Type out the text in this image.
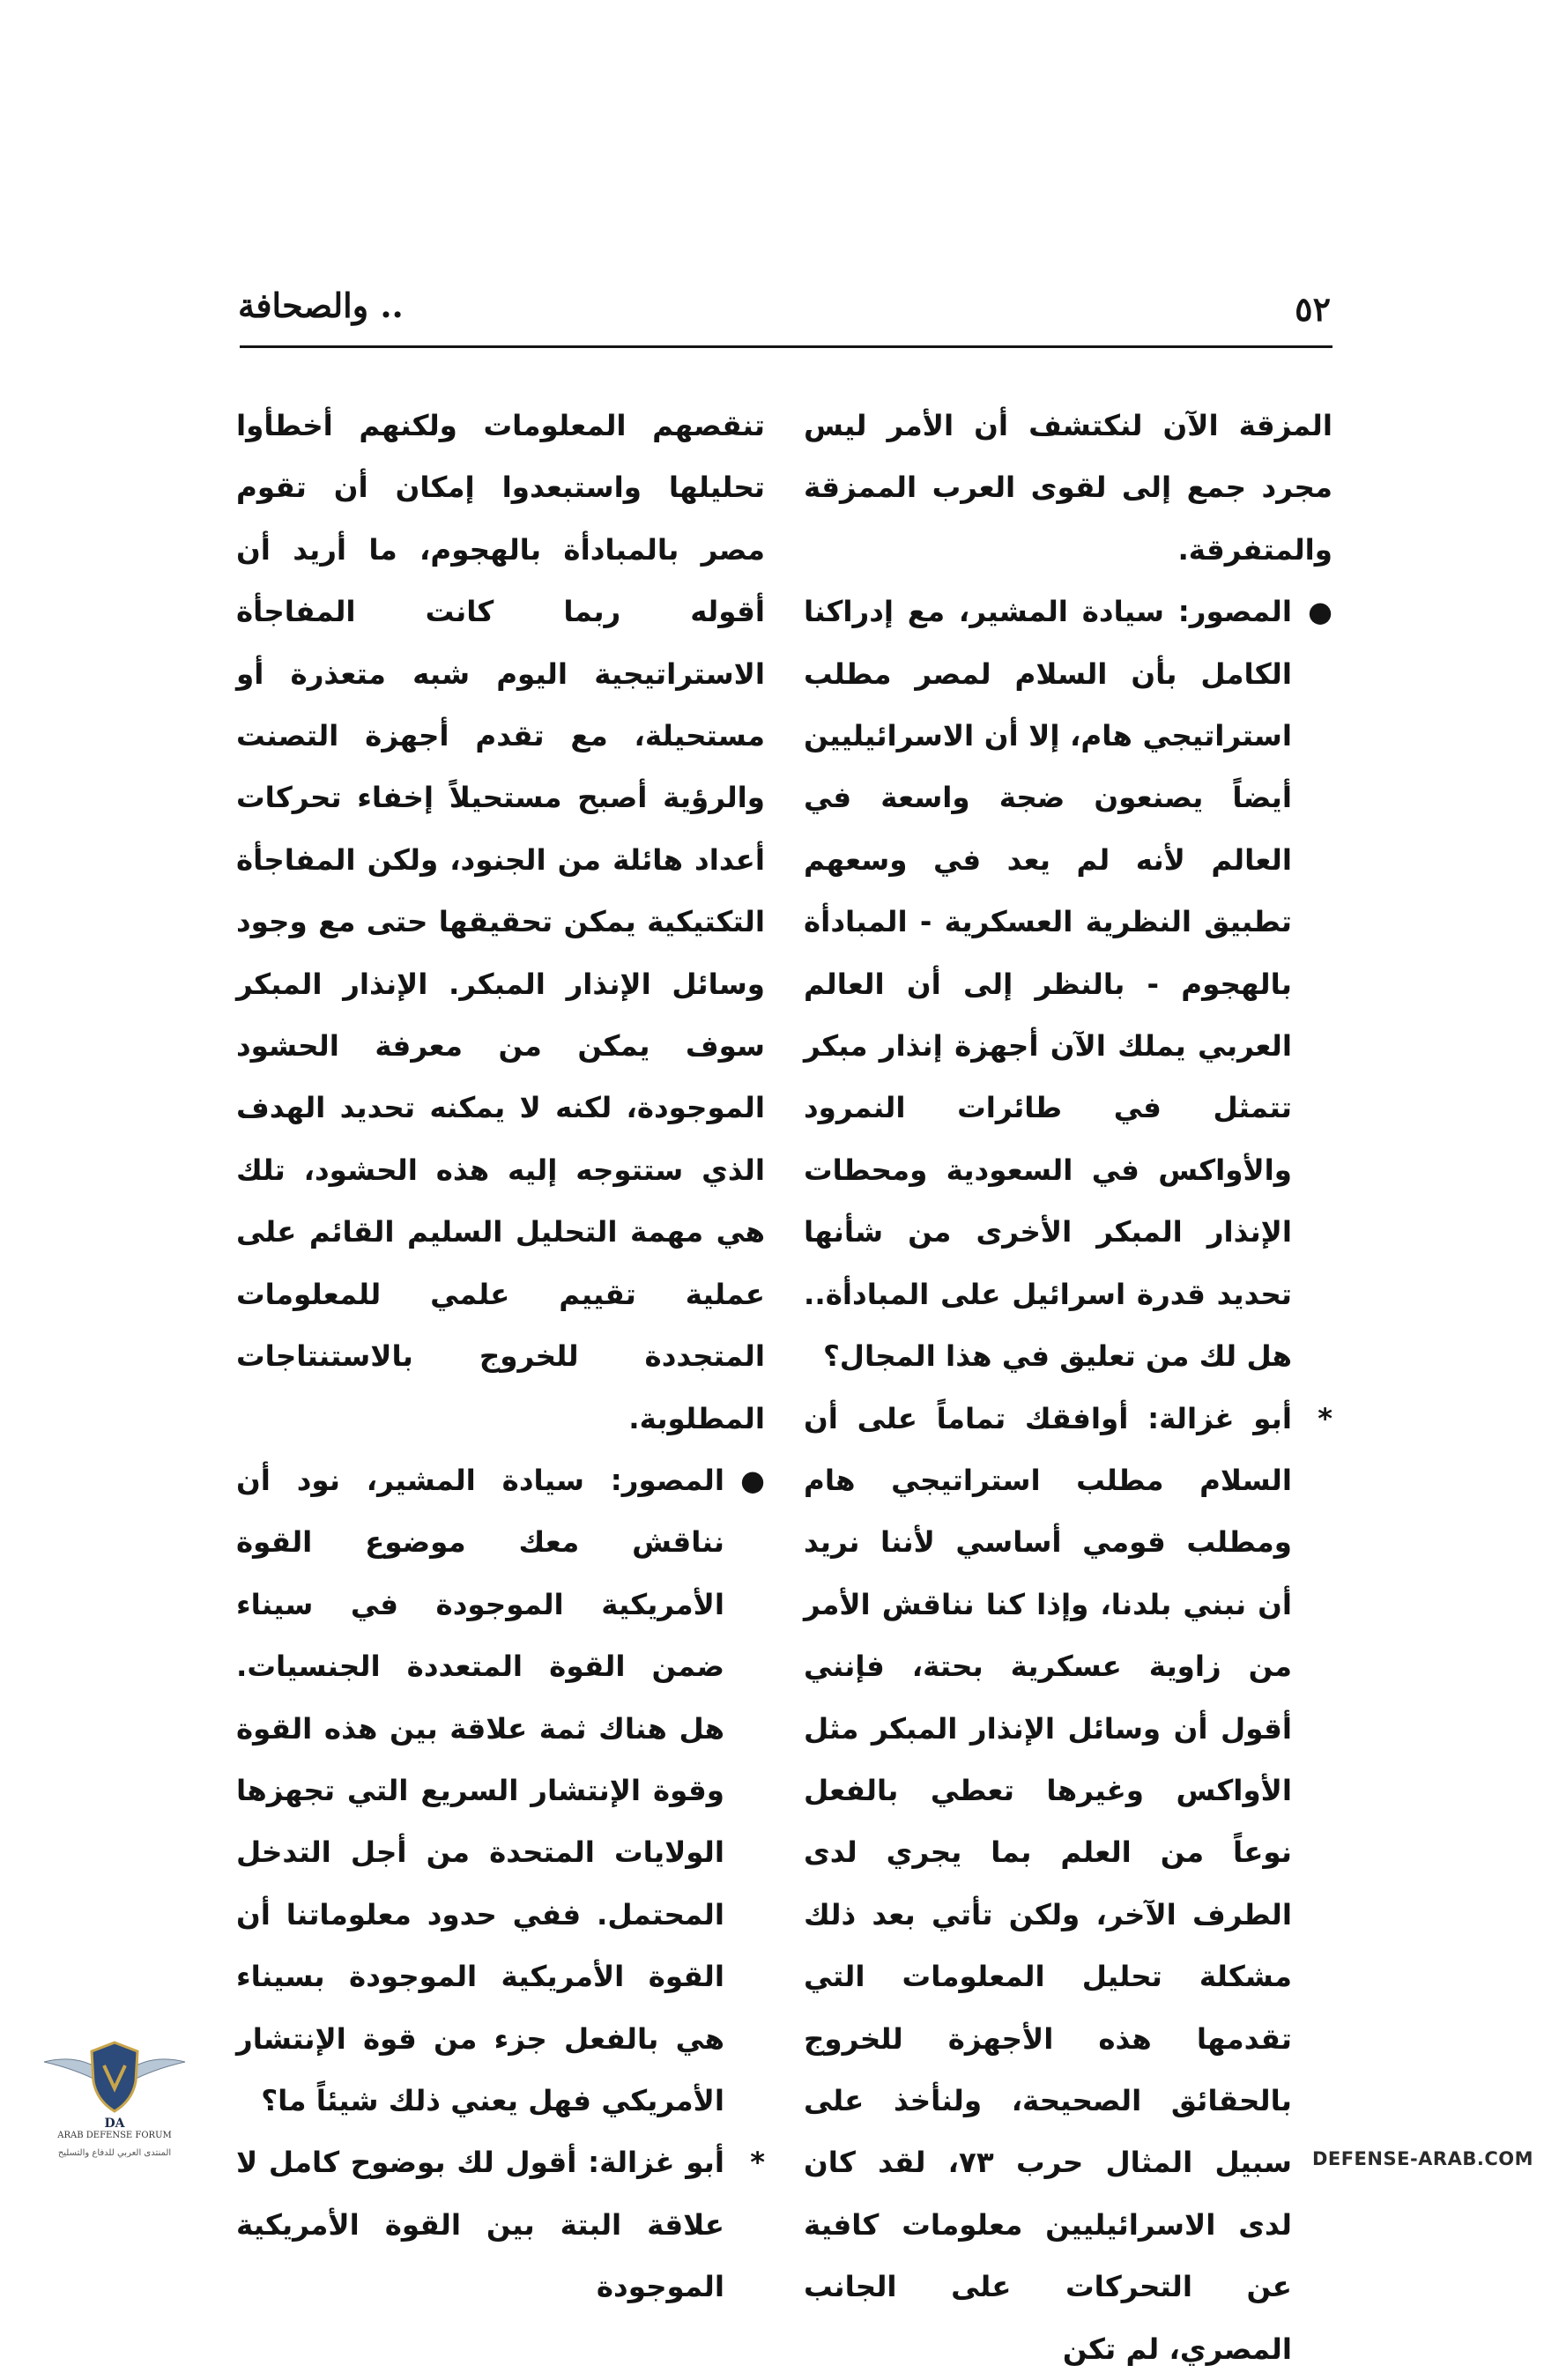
٥٢
.. والصحافة

المزقة الآن لنكتشف أن الأمر ليس مجرد جمع إلى لقوى العرب الممزقة والمتفرقة.

●
المصور: سيادة المشير، مع إدراكنا الكامل بأن السلام لمصر مطلب استراتيجي هام، إلا أن الاسرائيليين أيضاً يصنعون ضجة واسعة في العالم لأنه لم يعد في وسعهم تطبيق النظرية العسكرية - المبادأة بالهجوم - بالنظر إلى أن العالم العربي يملك الآن أجهزة إنذار مبكر تتمثل في طائرات النمرود والأواكس في السعودية ومحطات الإنذار المبكر الأخرى من شأنها تحديد قدرة اسرائيل على المبادأة.. هل لك من تعليق في هذا المجال؟

*
أبو غزالة: أوافقك تماماً على أن السلام مطلب استراتيجي هام ومطلب قومي أساسي لأننا نريد أن نبني بلدنا، وإذا كنا نناقش الأمر من زاوية عسكرية بحتة، فإنني أقول أن وسائل الإنذار المبكر مثل الأواكس وغيرها تعطي بالفعل نوعاً من العلم بما يجري لدى الطرف الآخر، ولكن تأتي بعد ذلك مشكلة تحليل المعلومات التي تقدمها هذه الأجهزة للخروج بالحقائق الصحيحة، ولنأخذ على سبيل المثال حرب ٧٣، لقد كان لدى الاسرائيليين معلومات كافية عن التحركات على الجانب المصري، لم تكن

تنقصهم المعلومات ولكنهم أخطأوا تحليلها واستبعدوا إمكان أن تقوم مصر بالمبادأة بالهجوم، ما أريد أن أقوله ربما كانت المفاجأة الاستراتيجية اليوم شبه متعذرة أو مستحيلة، مع تقدم أجهزة التصنت والرؤية أصبح مستحيلاً إخفاء تحركات أعداد هائلة من الجنود، ولكن المفاجأة التكتيكية يمكن تحقيقها حتى مع وجود وسائل الإنذار المبكر. الإنذار المبكر سوف يمكن من معرفة الحشود الموجودة، لكنه لا يمكنه تحديد الهدف الذي ستتوجه إليه هذه الحشود، تلك هي مهمة التحليل السليم القائم على عملية تقييم علمي للمعلومات المتجددة للخروج بالاستنتاجات المطلوبة.

●
المصور: سيادة المشير، نود أن نناقش معك موضوع القوة الأمريكية الموجودة في سيناء ضمن القوة المتعددة الجنسيات. هل هناك ثمة علاقة بين هذه القوة وقوة الإنتشار السريع التي تجهزها الولايات المتحدة من أجل التدخل المحتمل. ففي حدود معلوماتنا أن القوة الأمريكية الموجودة بسيناء هي بالفعل جزء من قوة الإنتشار الأمريكي فهل يعني ذلك شيئاً ما؟

*
أبو غزالة: أقول لك بوضوح كامل لا علاقة البتة بين القوة الأمريكية الموجودة

DA
ARAB DEFENSE FORUM
المنتدى العربي للدفاع والتسليح	DEFENSE-ARAB.COM
